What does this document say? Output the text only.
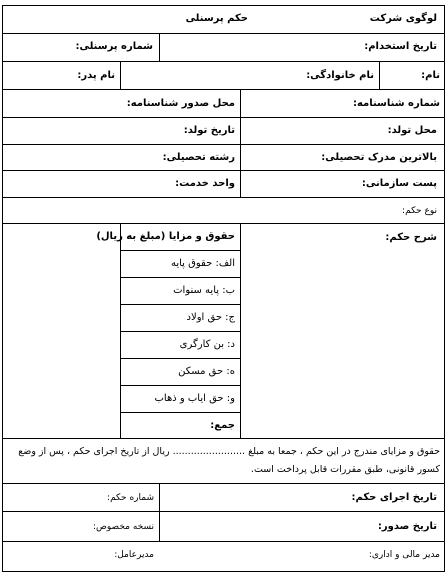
لوگوی شرکت
حکم پرسنلی
تاریخ استخدام:
شماره پرسنلی:
نام:
نام خانوادگی:
نام پدر:
شماره شناسنامه:
محل صدور شناسنامه:
محل تولد:
تاریخ تولد:
بالاترین مدرک تحصیلی:
رشته تحصیلی:
پست سازمانی:
واحد خدمت:
نوع حکم:
شرح حکم:
حقوق و مزایا (مبلغ به ریال)
الف: حقوق پایه
ب: پایه سنوات
ج: حق اولاد
د: بن کارگری
ه: حق مسکن
و: حق ایاب و ذهاب
جمع:
حقوق و مزایای مندرج در این حکم ، جمعا به مبلغ ........................ ریال از تاریخ اجرای حکم ، پس از وضع کسور قانونی، طبق مقررات قابل پرداخت است.
تاریخ اجرای حکم:
شماره حکم:
تاریخ صدور:
نسخه مخصوص:
مدیر مالی و اداری:
مدیرعامل:
